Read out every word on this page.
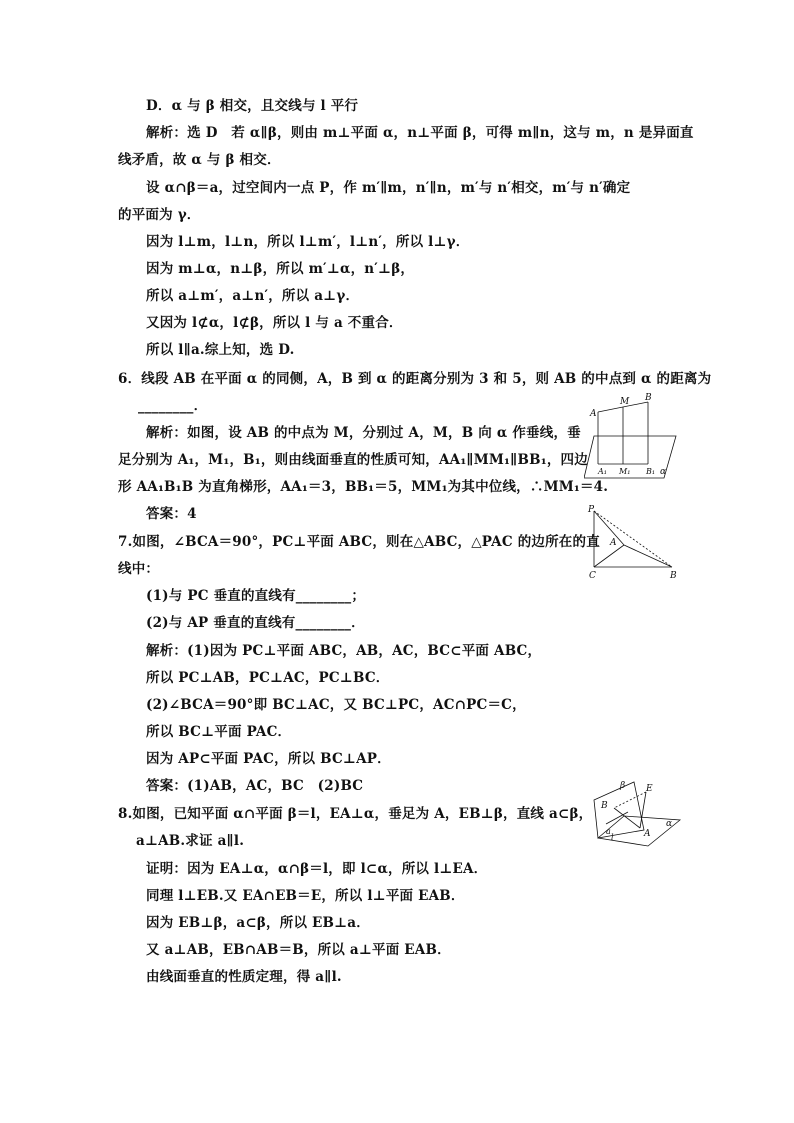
D．α 与 β 相交，且交线与 l 平行
解析：选 D　若 α∥β，则由 m⊥平面 α，n⊥平面 β，可得 m∥n，这与 m，n 是异面直
线矛盾，故 α 与 β 相交．
设 α∩β＝a，过空间内一点 P，作 m′∥m，n′∥n，m′与 n′相交，m′与 n′确定
的平面为 γ．
因为 l⊥m，l⊥n，所以 l⊥m′，l⊥n′，所以 l⊥γ．
因为 m⊥α，n⊥β，所以 m′⊥α，n′⊥β，
所以 a⊥m′，a⊥n′，所以 a⊥γ．
又因为 l⊄α，l⊄β，所以 l 与 a 不重合．
所以 l∥a.综上知，选 D.
6．线段 AB 在平面 α 的同侧，A，B 到 α 的距离分别为 3 和 5，则 AB 的中点到 α 的距离为
________．
解析：如图，设 AB 的中点为 M，分别过 A，M，B 向 α 作垂线，垂
足分别为 A₁，M₁，B₁，则由线面垂直的性质可知，AA₁∥MM₁∥BB₁，四边
形 AA₁B₁B 为直角梯形，AA₁＝3，BB₁＝5，MM₁为其中位线，∴MM₁＝4.
答案：4
7.如图，∠BCA＝90°，PC⊥平面 ABC，则在△ABC，△PAC 的边所在的直
线中：
(1)与 PC 垂直的直线有________；
(2)与 AP 垂直的直线有________．
解析：(1)因为 PC⊥平面 ABC，AB，AC，BC⊂平面 ABC，
所以 PC⊥AB，PC⊥AC，PC⊥BC．
(2)∠BCA＝90°即 BC⊥AC，又 BC⊥PC，AC∩PC＝C，
所以 BC⊥平面 PAC．
因为 AP⊂平面 PAC，所以 BC⊥AP．
答案：(1)AB，AC，BC　(2)BC
8.如图，已知平面 α∩平面 β＝l，EA⊥α，垂足为 A，EB⊥β，直线 a⊂β，
a⊥AB.求证 a∥l.
证明：因为 EA⊥α，α∩β＝l，即 l⊂α，所以 l⊥EA．
同理 l⊥EB.又 EA∩EB＝E，所以 l⊥平面 EAB．
因为 EB⊥β，a⊂β，所以 EB⊥a．
又 a⊥AB，EB∩AB＝B，所以 a⊥平面 EAB．
由线面垂直的性质定理，得 a∥l.
A
M B
A₁ M₁ B₁ α
P
A
C	B
E
B
a
l	A
α
β
